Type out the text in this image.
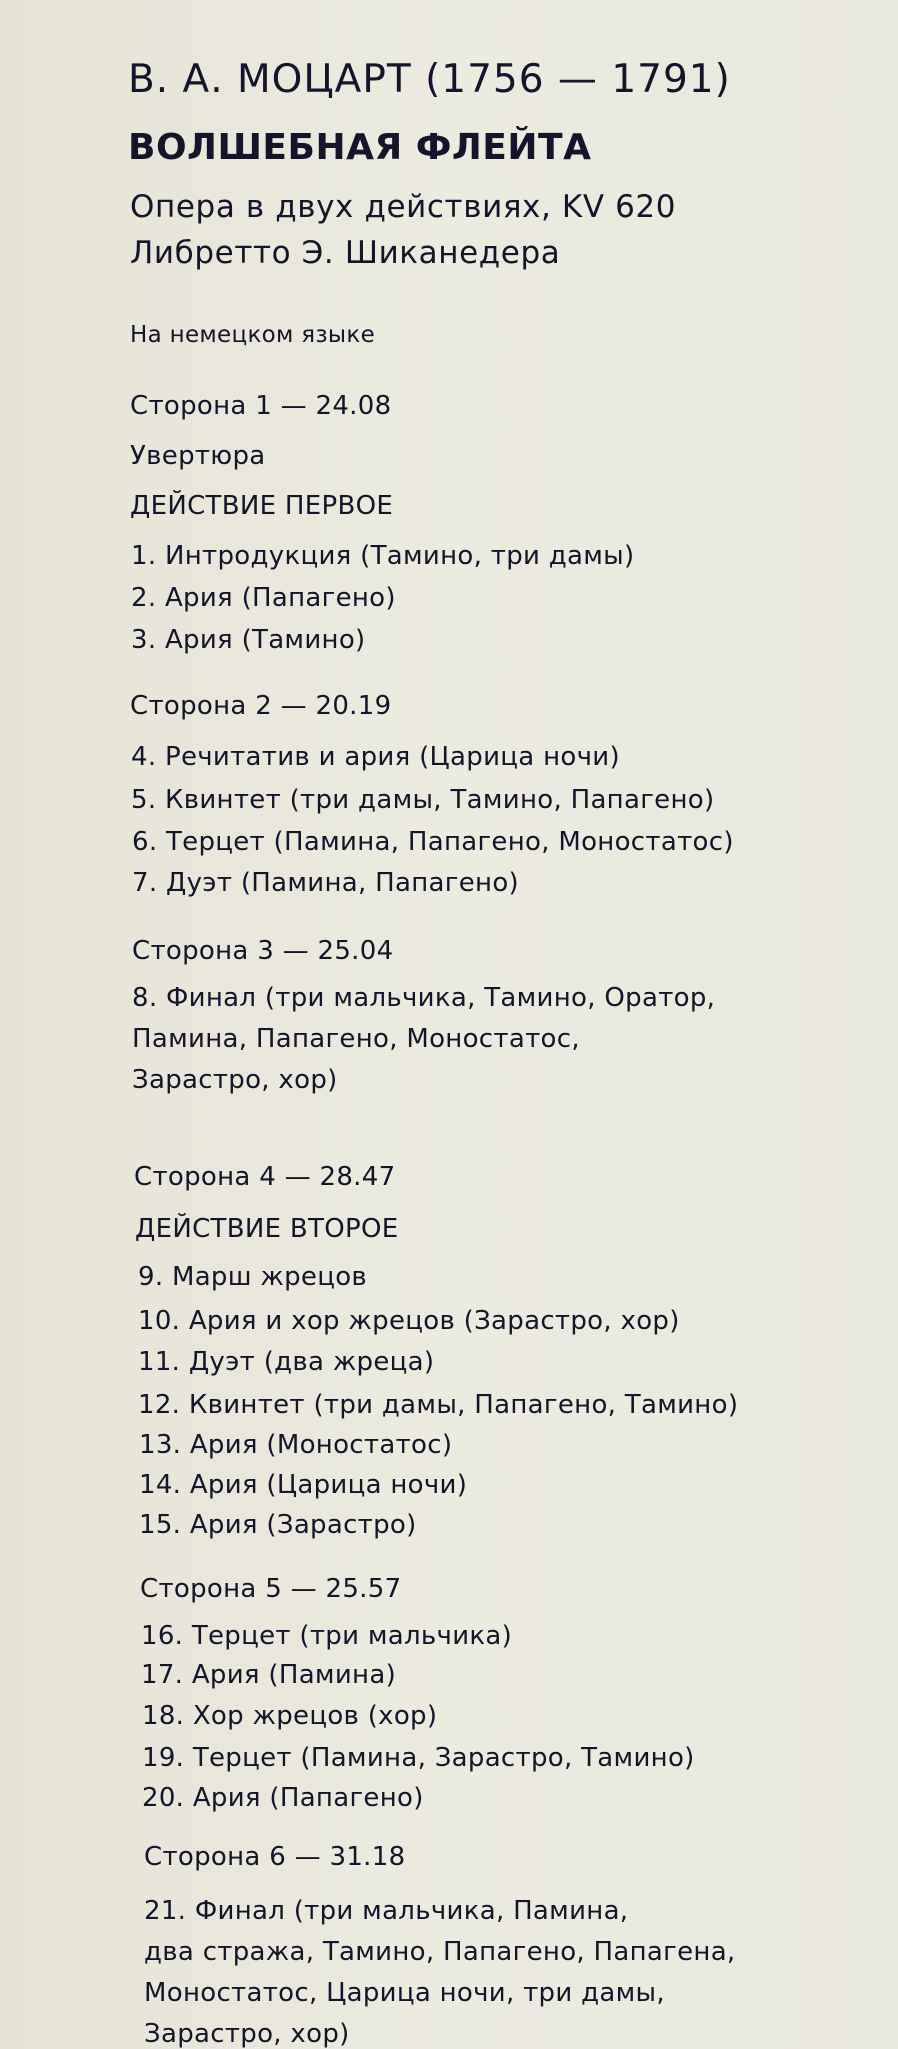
В. А. МОЦАРТ (1756 — 1791)
ВОЛШЕБНАЯ ФЛЕЙТА
Опера в двух действиях, KV 620
Либретто Э. Шиканедера
На немецком языке
Сторона 1 — 24.08
Увертюра
ДЕЙСТВИЕ ПЕРВОЕ
1. Интродукция (Тамино, три дамы)
2. Ария (Папагено)
3. Ария (Тамино)
Сторона 2 — 20.19
4. Речитатив и ария (Царица ночи)
5. Квинтет (три дамы, Тамино, Папагено)
6. Терцет (Памина, Папагено, Моностатос)
7. Дуэт (Памина, Папагено)
Сторона 3 — 25.04
8. Финал (три мальчика, Тамино, Оратор,
Памина, Папагено, Моностатос,
Зарастро, хор)
Сторона 4 — 28.47
ДЕЙСТВИЕ ВТОРОЕ
9. Марш жрецов
10. Ария и хор жрецов (Зарастро, хор)
11. Дуэт (два жреца)
12. Квинтет (три дамы, Папагено, Тамино)
13. Ария (Моностатос)
14. Ария (Царица ночи)
15. Ария (Зарастро)
Сторона 5 — 25.57
16. Терцет (три мальчика)
17. Ария (Памина)
18. Хор жрецов (хор)
19. Терцет (Памина, Зарастро, Тамино)
20. Ария (Папагено)
Сторона 6 — 31.18
21. Финал (три мальчика, Памина,
два стража, Тамино, Папагено, Папагена,
Моностатос, Царица ночи, три дамы,
Зарастро, хор)
